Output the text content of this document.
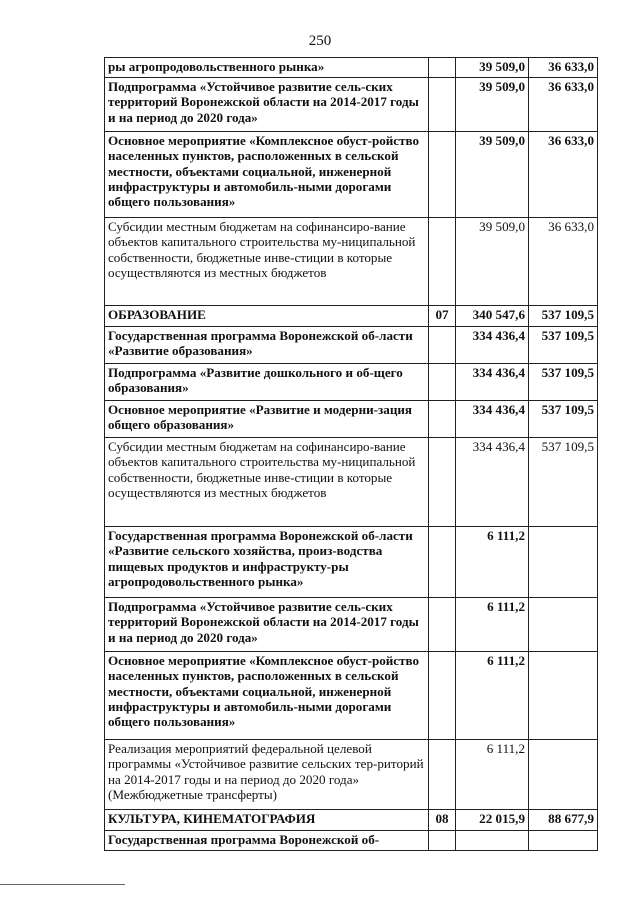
250
ры агропродовольственного рынка»		39 509,0	36 633,0
Подпрограмма «Устойчивое развитие сель-ских территорий Воронежской области на 2014-2017 годы и на период до 2020 года»		39 509,0	36 633,0
Основное мероприятие «Комплексное обуст-ройство населенных пунктов, расположенных в сельской местности, объектами социальной, инженерной инфраструктуры и автомобиль-ными дорогами общего пользования»		39 509,0	36 633,0
Субсидии местным бюджетам на софинансиро-вание объектов капитального строительства му-ниципальной собственности, бюджетные инве-стиции в которые осуществляются из местных бюджетов		39 509,0	36 633,0
ОБРАЗОВАНИЕ	07	340 547,6	537 109,5
Государственная программа Воронежской об-ласти «Развитие образования»		334 436,4	537 109,5
Подпрограмма «Развитие дошкольного и об-щего образования»		334 436,4	537 109,5
Основное мероприятие «Развитие и модерни-зация общего образования»		334 436,4	537 109,5
Субсидии местным бюджетам на софинансиро-вание объектов капитального строительства му-ниципальной собственности, бюджетные инве-стиции в которые осуществляются из местных бюджетов		334 436,4	537 109,5
Государственная программа Воронежской об-ласти «Развитие сельского хозяйства, произ-водства пищевых продуктов и инфраструкту-ры агропродовольственного рынка»		6 111,2	
Подпрограмма «Устойчивое развитие сель-ских территорий Воронежской области на 2014-2017 годы и на период до 2020 года»		6 111,2	
Основное мероприятие «Комплексное обуст-ройство населенных пунктов, расположенных в сельской местности, объектами социальной, инженерной инфраструктуры и автомобиль-ными дорогами общего пользования»		6 111,2	
Реализация мероприятий федеральной целевой программы «Устойчивое развитие сельских тер-риторий на 2014-2017 годы и на период до 2020 года» (Межбюджетные трансферты)		6 111,2	
КУЛЬТУРА, КИНЕМАТОГРАФИЯ	08	22 015,9	88 677,9
Государственная программа Воронежской об-			
